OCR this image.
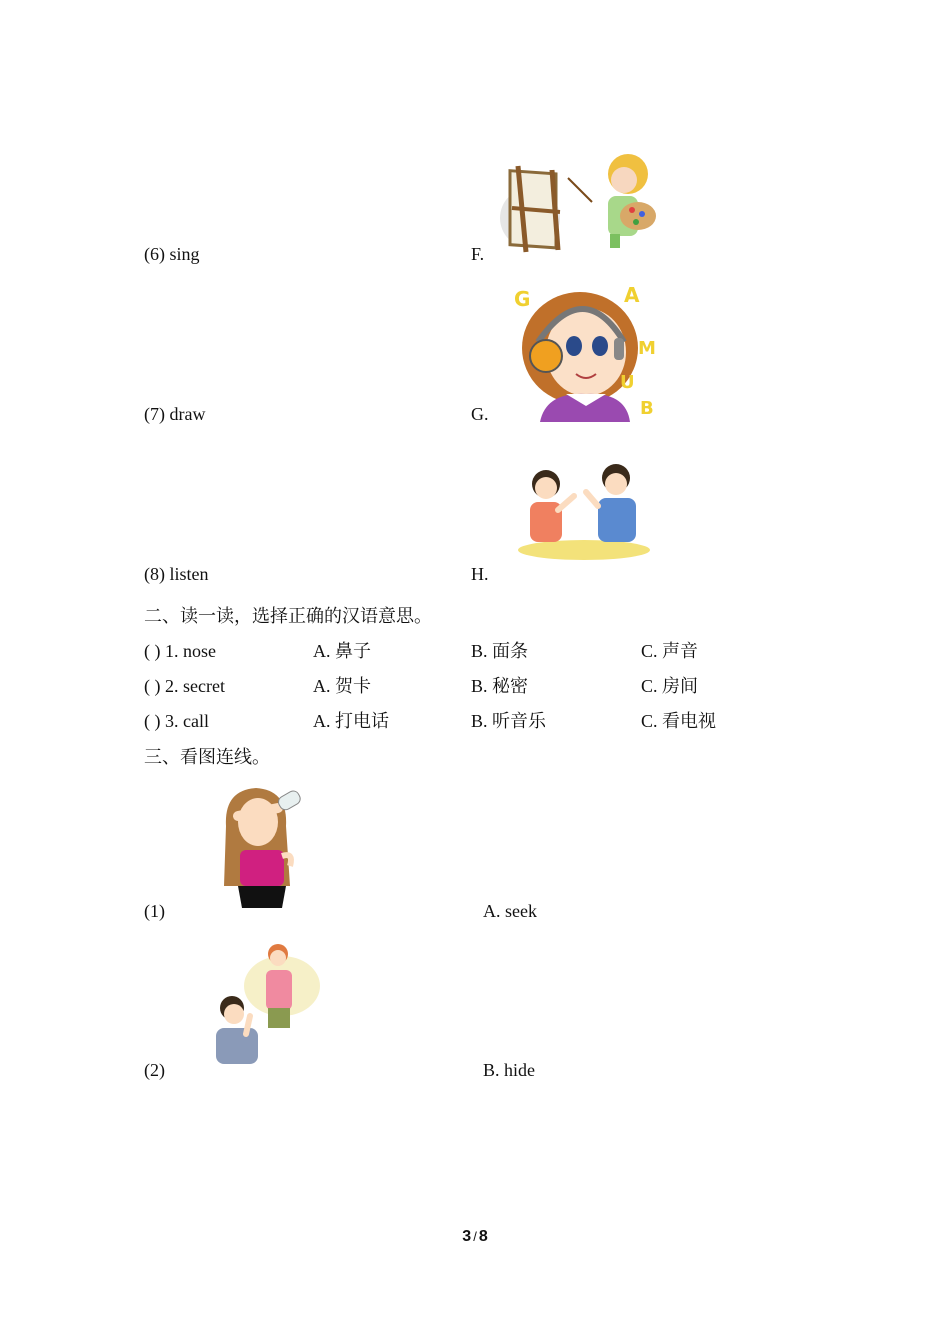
(6) sing	F.
G	A
M
U
B
(7) draw	G.
(8) listen	H.
二、读一读，选择正确的汉语意思。
( ) 1. nose	A. 鼻子	B. 面条	C. 声音
( ) 2. secret	A. 贺卡	B. 秘密	C. 房间
( ) 3. call	A. 打电话	B. 听音乐	C. 看电视
三、看图连线。
(1)	A. seek
(2)	B. hide
3 / 8
